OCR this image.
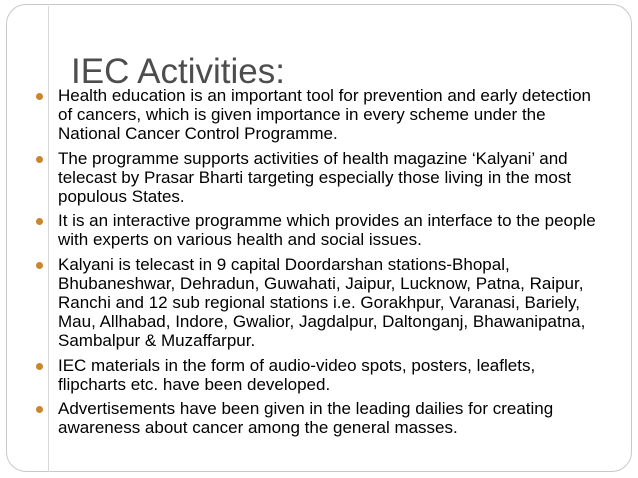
IEC Activities:
Health education is an important tool for prevention and early detection of cancers, which is given importance in every scheme under the National Cancer Control Programme.
The programme supports activities of health magazine ‘Kalyani’ and telecast by Prasar Bharti targeting especially those living in the most populous States.
It is an interactive programme which provides an interface to the people with experts on various health and social issues.
Kalyani is telecast in 9 capital Doordarshan stations-Bhopal, Bhubaneshwar, Dehradun, Guwahati, Jaipur, Lucknow, Patna, Raipur, Ranchi and 12 sub regional stations i.e. Gorakhpur, Varanasi, Bariely, Mau, Allhabad, Indore, Gwalior, Jagdalpur, Daltonganj, Bhawanipatna, Sambalpur & Muzaffarpur.
IEC materials in the form of audio-video spots, posters, leaflets, flipcharts etc. have been developed.
Advertisements have been given in the leading dailies for creating awareness about cancer among the general masses.
